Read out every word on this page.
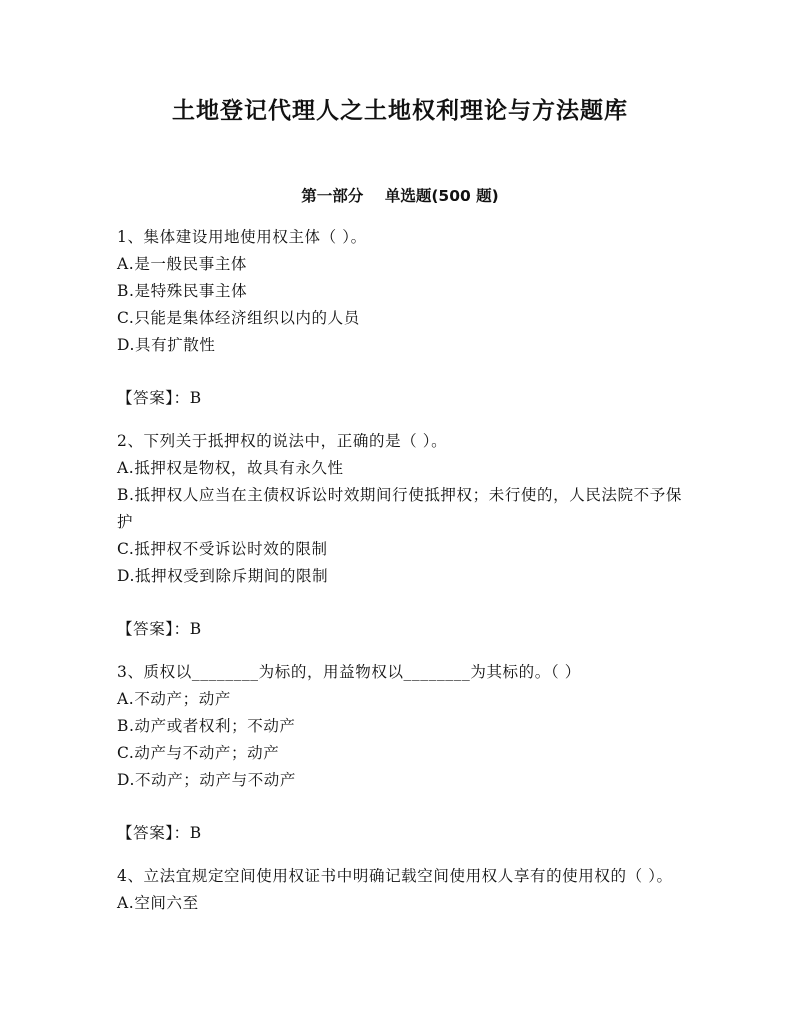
土地登记代理人之土地权利理论与方法题库
第一部分    单选题(500 题)
1、集体建设用地使用权主体（ ）。
A.是一般民事主体
B.是特殊民事主体
C.只能是集体经济组织以内的人员
D.具有扩散性
【答案】：B
2、下列关于抵押权的说法中，正确的是（ ）。
A.抵押权是物权，故具有永久性
B.抵押权人应当在主债权诉讼时效期间行使抵押权；未行使的，人民法院不予保护
C.抵押权不受诉讼时效的限制
D.抵押权受到除斥期间的限制
【答案】：B
3、质权以________为标的，用益物权以________为其标的。（ ）
A.不动产；动产
B.动产或者权利；不动产
C.动产与不动产；动产
D.不动产；动产与不动产
【答案】：B
4、立法宜规定空间使用权证书中明确记载空间使用权人享有的使用权的（ ）。
A.空间六至
